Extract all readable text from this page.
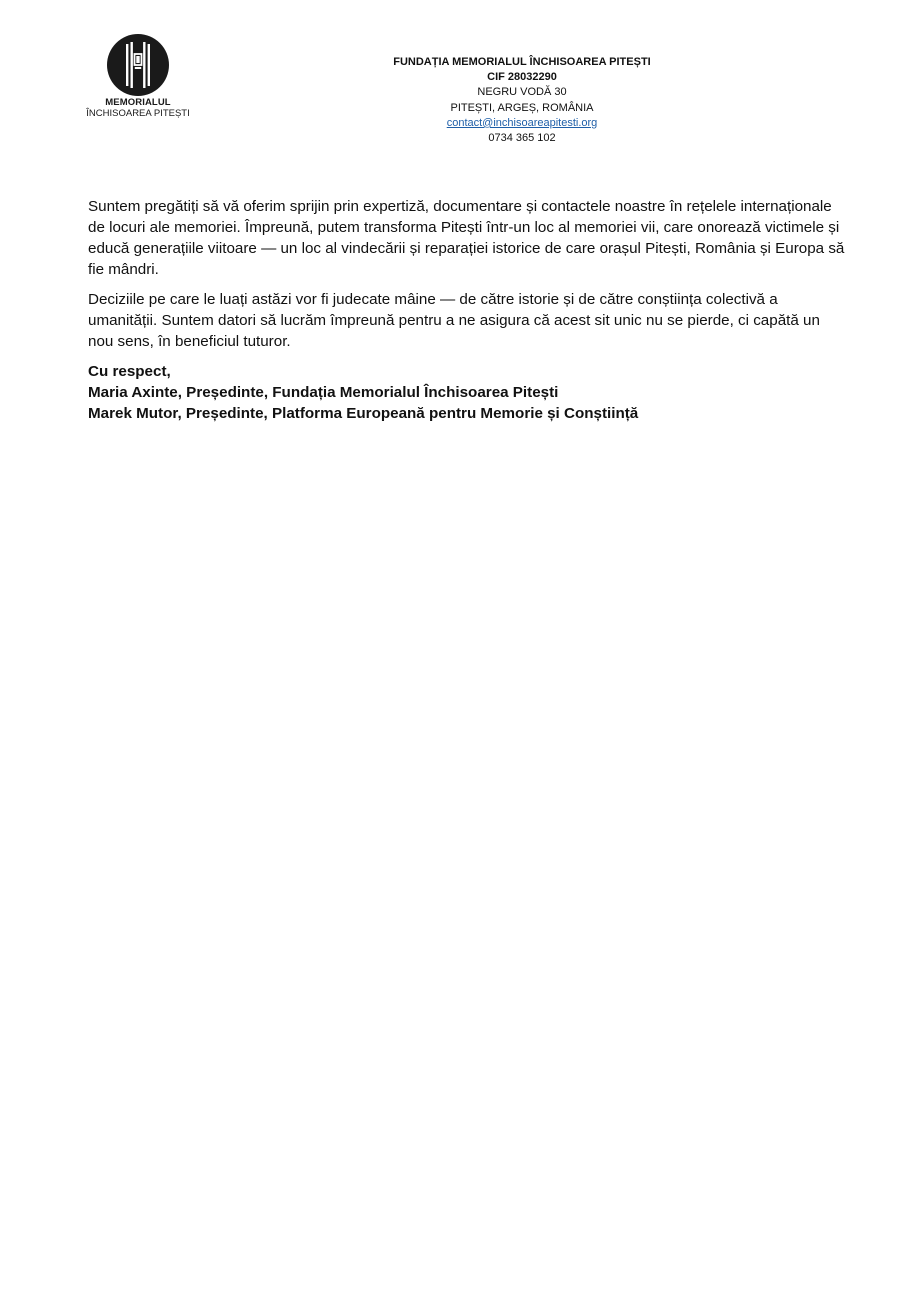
MEMORIALUL
ÎNCHISOAREA PITEȘTI
FUNDAȚIA MEMORIALUL ÎNCHISOAREA PITEȘTI
CIF 28032290
NEGRU VODĂ 30
PITEȘTI, ARGEȘ, ROMÂNIA
contact@inchisoareapitesti.org
0734 365 102

Suntem pregătiți să vă oferim sprijin prin expertiză, documentare și contactele noastre în rețelele internaționale de locuri ale memoriei. Împreună, putem transforma Pitești într-un loc al memoriei vii, care onorează victimele și educă generațiile viitoare — un loc al vindecării și reparației istorice de care orașul Pitești, România și Europa să fie mândri.

Deciziile pe care le luați astăzi vor fi judecate mâine — de către istorie și de către conștiința colectivă a umanității. Suntem datori să lucrăm împreună pentru a ne asigura că acest sit unic nu se pierde, ci capătă un nou sens, în beneficiul tuturor.

Cu respect,
Maria Axinte, Președinte, Fundația Memorialul Închisoarea Pitești
Marek Mutor, Președinte, Platforma Europeană pentru Memorie și Conștiință
